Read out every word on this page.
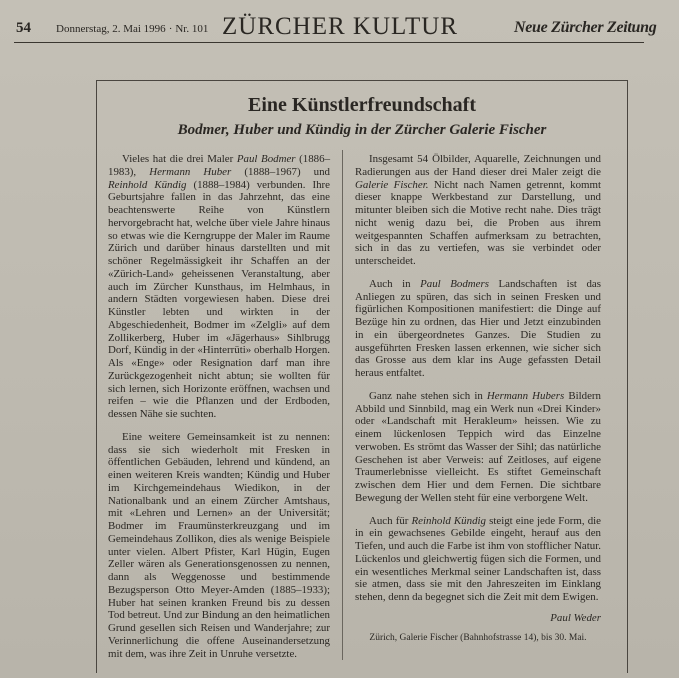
54 Donnerstag, 2. Mai 1996 · Nr. 101 ZÜRCHER KULTUR	Neue Zürcher Zeitung
Eine Künstlerfreundschaft
Bodmer, Huber und Kündig in der Zürcher Galerie Fischer

Vieles hat die drei Maler Paul Bodmer (1886–1983), Hermann Huber (1888–1967) und Reinhold Kündig (1888–1984) verbunden. Ihre Geburtsjahre fallen in das Jahrzehnt, das eine beachtenswerte Reihe von Künstlern hervorgebracht hat, welche über viele Jahre hinaus so etwas wie die Kerngruppe der Maler im Raume Zürich und darüber hinaus darstellten und mit schöner Regelmässigkeit ihr Schaffen an der «Zürich-Land» geheissenen Veranstaltung, aber auch im Zürcher Kunsthaus, im Helmhaus, in andern Städten vorgewiesen haben. Diese drei Künstler lebten und wirkten in der Abgeschiedenheit, Bodmer im «Zelgli» auf dem Zollikerberg, Huber im «Jägerhaus» Sihlbrugg Dorf, Kündig in der «Hinterrüti» oberhalb Horgen. Als «Enge» oder Resignation darf man ihre Zurückgezogenheit nicht abtun; sie wollten für sich lernen, sich Horizonte eröffnen, wachsen und reifen – wie die Pflanzen und der Erdboden, dessen Nähe sie suchten.

Eine weitere Gemeinsamkeit ist zu nennen: dass sie sich wiederholt mit Fresken in öffentlichen Gebäuden, lehrend und kündend, an einen weiteren Kreis wandten; Kündig und Huber im Kirchgemeindehaus Wiedikon, in der Nationalbank und an einem Zürcher Amtshaus, mit «Lehren und Lernen» an der Universität; Bodmer im Fraumünsterkreuzgang und im Gemeindehaus Zollikon, dies als wenige Beispiele unter vielen. Albert Pfister, Karl Hügin, Eugen Zeller wären als Generationsgenossen zu nennen, dann als Weggenosse und bestimmende Bezugsperson Otto Meyer-Amden (1885–1933); Huber hat seinen kranken Freund bis zu dessen Tod betreut. Und zur Bindung an den heimatlichen Grund gesellen sich Reisen und Wanderjahre; zur Verinnerlichung die offene Auseinandersetzung mit dem, was ihre Zeit in Unruhe versetzte.

Insgesamt 54 Ölbilder, Aquarelle, Zeichnungen und Radierungen aus der Hand dieser drei Maler zeigt die Galerie Fischer. Nicht nach Namen getrennt, kommt dieser knappe Werkbestand zur Darstellung, und mitunter bleiben sich die Motive recht nahe. Dies trägt nicht wenig dazu bei, die Proben aus ihrem weitgespannten Schaffen aufmerksam zu betrachten, sich in das zu vertiefen, was sie verbindet oder unterscheidet.

Auch in Paul Bodmers Landschaften ist das Anliegen zu spüren, das sich in seinen Fresken und figürlichen Kompositionen manifestiert: die Dinge auf Bezüge hin zu ordnen, das Hier und Jetzt einzubinden in ein übergeordnetes Ganzes. Die Studien zu ausgeführten Fresken lassen erkennen, wie sicher sich das Grosse aus dem klar ins Auge gefassten Detail heraus entfaltet.

Ganz nahe stehen sich in Hermann Hubers Bildern Abbild und Sinnbild, mag ein Werk nun «Drei Kinder» oder «Landschaft mit Herakleum» heissen. Wie zu einem lückenlosen Teppich wird das Einzelne verwoben. Es strömt das Wasser der Sihl; das natürliche Geschehen ist aber Verweis: auf Zeitloses, auf eigene Traumerlebnisse vielleicht. Es stiftet Gemeinschaft zwischen dem Hier und dem Fernen. Die sichtbare Bewegung der Wellen steht für eine verborgene Welt.

Auch für Reinhold Kündig steigt eine jede Form, die in ein gewachsenes Gebilde eingeht, herauf aus den Tiefen, und auch die Farbe ist ihm von stofflicher Natur. Lückenlos und gleichwertig fügen sich die Formen, und ein wesentliches Merkmal seiner Landschaften ist, dass sie atmen, dass sie mit den Jahreszeiten im Einklang stehen, denn da begegnet sich die Zeit mit dem Ewigen.

Paul Weder
Zürich, Galerie Fischer (Bahnhofstrasse 14), bis 30. Mai.
